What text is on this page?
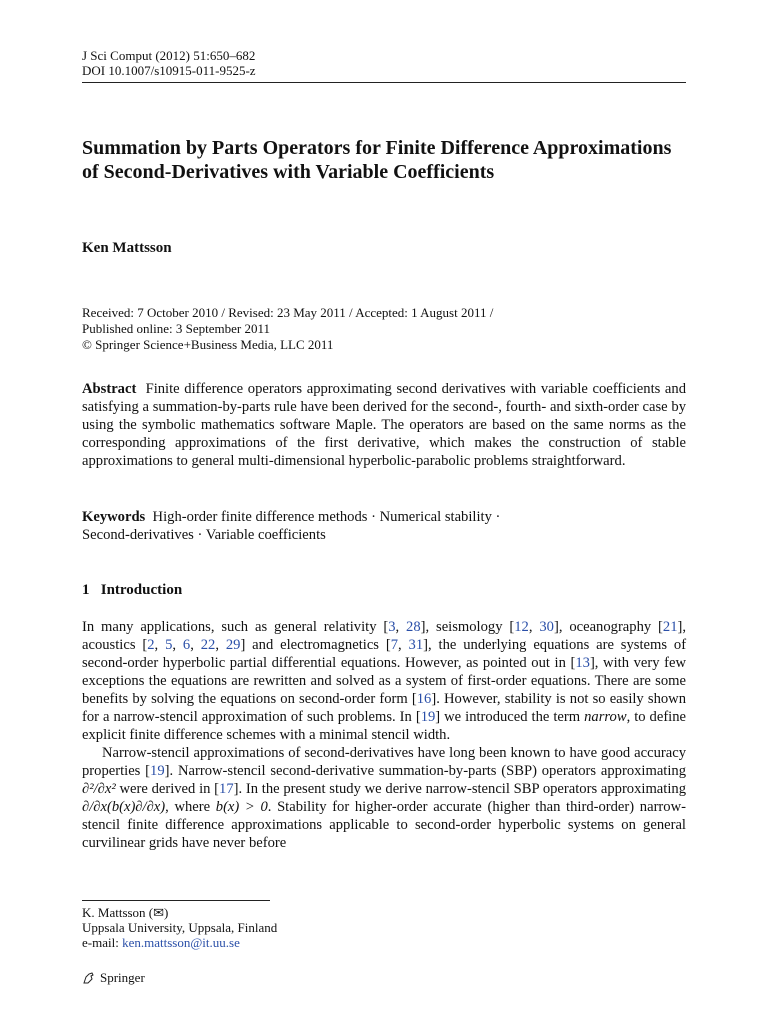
J Sci Comput (2012) 51:650–682
DOI 10.1007/s10915-011-9525-z
Summation by Parts Operators for Finite Difference Approximations of Second-Derivatives with Variable Coefficients
Ken Mattsson
Received: 7 October 2010 / Revised: 23 May 2011 / Accepted: 1 August 2011 /
Published online: 3 September 2011
© Springer Science+Business Media, LLC 2011
Abstract Finite difference operators approximating second derivatives with variable coefficients and satisfying a summation-by-parts rule have been derived for the second-, fourth- and sixth-order case by using the symbolic mathematics software Maple. The operators are based on the same norms as the corresponding approximations of the first derivative, which makes the construction of stable approximations to general multi-dimensional hyperbolic-parabolic problems straightforward.
Keywords High-order finite difference methods · Numerical stability ·
Second-derivatives · Variable coefficients
1 Introduction

In many applications, such as general relativity [3, 28], seismology [12, 30], oceanography [21], acoustics [2, 5, 6, 22, 29] and electromagnetics [7, 31], the underlying equations are systems of second-order hyperbolic partial differential equations. However, as pointed out in [13], with very few exceptions the equations are rewritten and solved as a system of first-order equations. There are some benefits by solving the equations on second-order form [16]. However, stability is not so easily shown for a narrow-stencil approximation of such problems. In [19] we introduced the term narrow, to define explicit finite difference schemes with a minimal stencil width.

Narrow-stencil approximations of second-derivatives have long been known to have good accuracy properties [19]. Narrow-stencil second-derivative summation-by-parts (SBP) operators approximating ∂²/∂x² were derived in [17]. In the present study we derive narrow-stencil SBP operators approximating ∂/∂x(b(x)∂/∂x), where b(x) > 0. Stability for higher-order accurate (higher than third-order) narrow-stencil finite difference approximations applicable to second-order hyperbolic systems on general curvilinear grids have never before

K. Mattsson (✉)
Uppsala University, Uppsala, Finland
e-mail: ken.mattsson@it.uu.se
Springer
